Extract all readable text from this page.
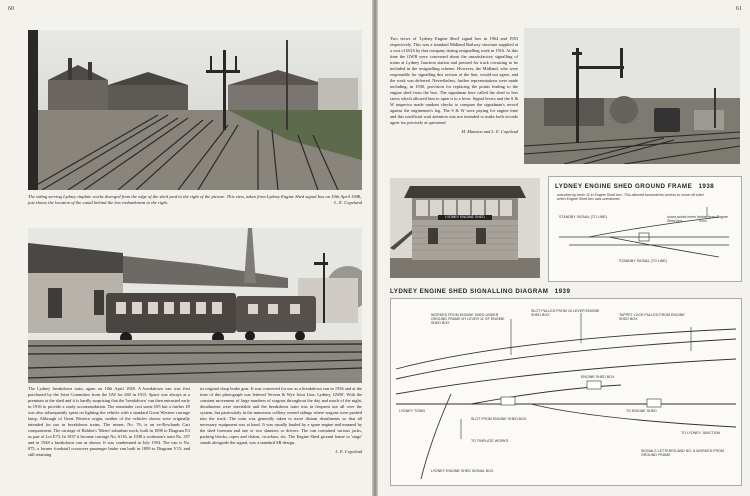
60
The siding serving Lydney tinplate works diverged from the edge of the shed yard to the right of the picture. This view, taken from Lydney Engine Shed signal box on 10th April 1948, just shows the location of the canal behind the low embankment to the right.	L. E. Copeland

The Lydney breakdown train, again on 10th April 1948. A breakdown van was first purchased by the Joint Committee from the GW for £60 in 1915. Space was always at a premium at the shed and it is hardly surprising that the 'breakdown' van then entrusted early in 1916 to provide a ready accommodation. The remainder cost some £95 but a further £9 was also subsequently spent on lighting the vehicle with a standard Great Western carriage lamp. Although of Great Western origin, neither of the vehicles shown were originally intended for use in breakdown trains. The nearer, No. 76, is an ex-Rowlands Cart compartment. The carriage of Haldon's 'Metro' suburban stock, built in 1898 to Diagram E3 as part of Lot E73. In 1937 it became carriage No. 6116, in 1938 a workman's train No. 357 and in 1948 a breakdown van as shown. It was condemned in July 1954. The van is No. 875, a former foodstuff crossover passenger brake van built in 1899 to Diagram V15, and still retaining

its original clasp brake gear. It was converted for use as a breakdown van in 1936 and at the time of this photograph was lettered 'Severn & Wye Joint Line, Lydney, GWR'. With the constant movement of large numbers of wagons throughout the day and much of the night, derailments were inevitable and the breakdown train was in frequent use all over the system, but particularly in the numerous colliery owned sidings where wagons were pushed into the track. The train was generally taken to more distant derailments so that all necessary equipment was at hand. It was usually hauled by a spare engine and manned by the shed foreman and one or two shunters or drivers. The van contained various jacks, packing blocks, ropes and chains, crowbars, etc. The Engine Shed ground frame or 'stage' stands alongside the signal, was a standard SR design.

L. E. Copeland
61

Two views of 'Lydney Engine Shed' signal box in 1964 and 1953 respectively. This was a standard Midland Railway structure supplied at a cost of £616 by that company during resignalling work in 1916. At this time the GWR were concerned about the unsatisfactory signalling of trains at Lydney Junction station and pressed for track circuiting to be included in the resignalling scheme. However, the Midland, who were responsible for signalling this section of the line, would not agree, and the work was deferred. Nevertheless, further representations were made including, in 1930, provision for replacing the points leading to the engine shed from the box. The signalman here called the shed in less stress which allowed him to open it to a lever. Signal levers and the S & W inspector made random checks to compare the signalman's record against the enginemen's log. The S & W were paying for engine time and this unofficial wait attention was not intended to make both records agree too precisely at questions!

M. Mansion and L. E. Copeland
LYDNEY ENGINE SHED
LYDNEY ENGINE SHED GROUND FRAME 1938
unlocked by lever 11 in Engine Shed box. This allowed locomotives access to come off shed when Engine Shed box was unmanned.
STANDBY SIGNAL (TO LINE)	shunt points when locked from Engine Shed box
STANDBY SIGNAL (TO LINE)
LYDNEY ENGINE SHED SIGNALLING DIAGRAM 1939
WORKED FROM ENGINE SHED UNDER GROUND FRAME BY LEVER 11 OF ENGINE SHED BOX
SLOT PULLED FROM 18 LEVER ENGINE SHED BOX	TAPPET LOCK PULLED FROM ENGINE SHED BOX
LYDNEY TOWN
SLOT FROM ENGINE SHED BOX
ENGINE SHED BOX
TO ENGINE SHED
TO LYDNEY JUNCTION
TO TINPLATE WORKS
SIGNALS LETTERED AND NO. 8 WORKED FROM GROUND FRAME
LYDNEY ENGINE SHED SIGNAL BOX
